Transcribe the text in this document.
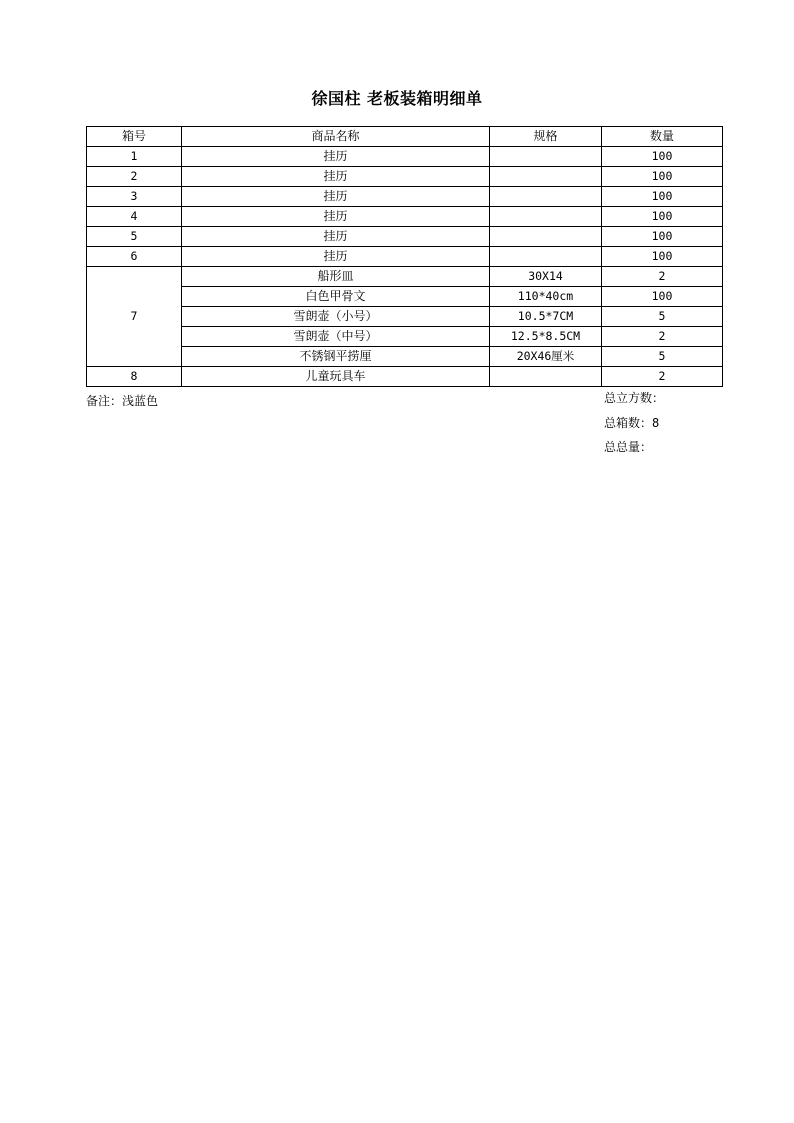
徐国柱 老板装箱明细单
箱号	商品名称	规格	数量
1	挂历		100
2	挂历		100
3	挂历		100
4	挂历		100
5	挂历		100
6	挂历		100
7	船形皿	30X14	2
	白色甲骨文	110*40cm	100
	雪朗壶（小号）	10.5*7CM	5
	雪朗壶（中号）	12.5*8.5CM	2
	不锈钢平捞厘	20X46厘米	5
8	儿童玩具车		2
备注：浅蓝色	总立方数：
总箱数：8
总总量：
